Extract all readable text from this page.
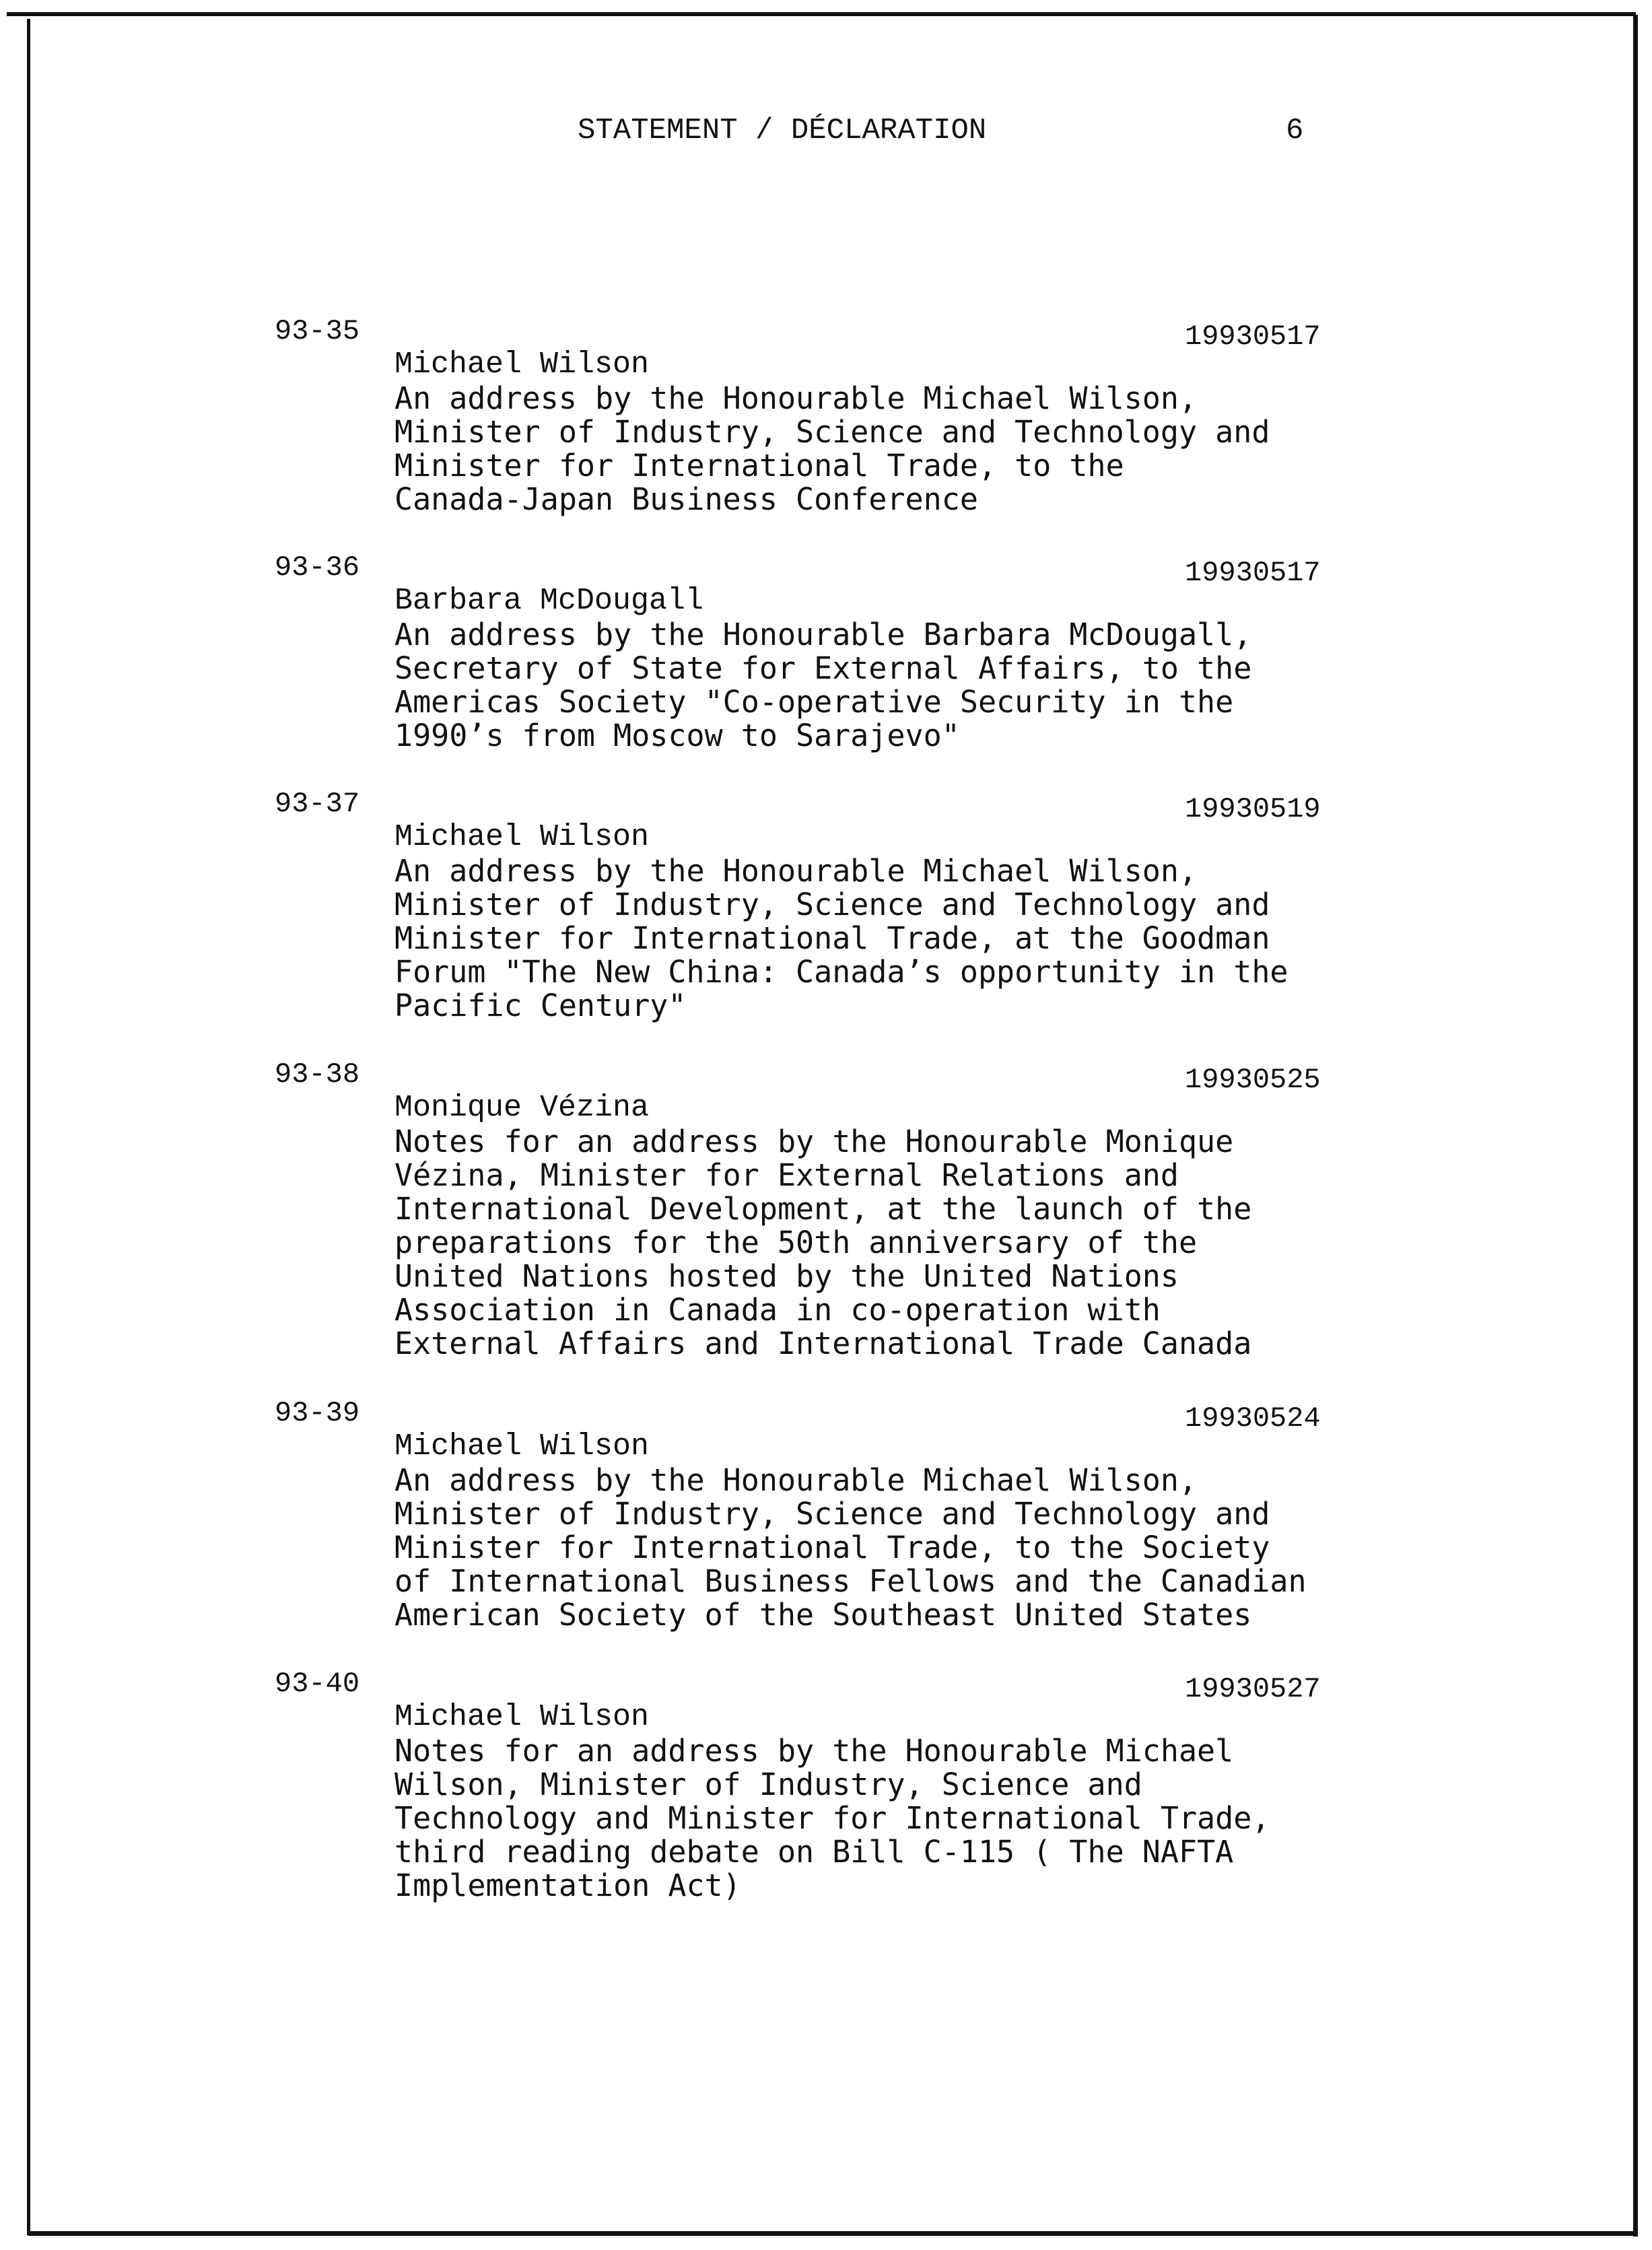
STATEMENT / DÉCLARATION	6
93-35	19930517
Michael Wilson
An address by the Honourable Michael Wilson,
Minister of Industry, Science and Technology and
Minister for International Trade, to the
Canada-Japan Business Conference
93-36	19930517
Barbara McDougall
An address by the Honourable Barbara McDougall,
Secretary of State for External Affairs, to the
Americas Society "Co-operative Security in the
1990’s from Moscow to Sarajevo"
93-37	19930519
Michael Wilson
An address by the Honourable Michael Wilson,
Minister of Industry, Science and Technology and
Minister for International Trade, at the Goodman
Forum "The New China: Canada’s opportunity in the
Pacific Century"
93-38	19930525
Monique Vézina
Notes for an address by the Honourable Monique
Vézina, Minister for External Relations and
International Development, at the launch of the
preparations for the 50th anniversary of the
United Nations hosted by the United Nations
Association in Canada in co-operation with
External Affairs and International Trade Canada
93-39	19930524
Michael Wilson
An address by the Honourable Michael Wilson,
Minister of Industry, Science and Technology and
Minister for International Trade, to the Society
of International Business Fellows and the Canadian
American Society of the Southeast United States
93-40	19930527
Michael Wilson
Notes for an address by the Honourable Michael
Wilson, Minister of Industry, Science and
Technology and Minister for International Trade,
third reading debate on Bill C-115 ( The NAFTA
Implementation Act)
